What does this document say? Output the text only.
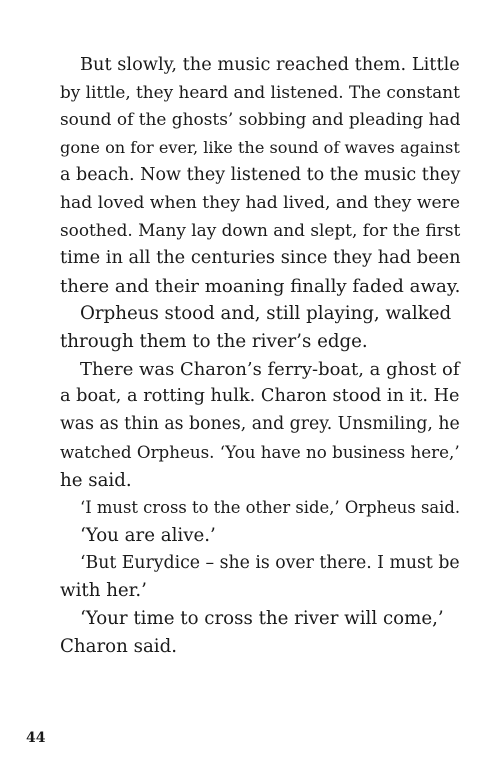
But slowly, the music reached them. Little
by little, they heard and listened. The constant
sound of the ghosts’ sobbing and pleading had
gone on for ever, like the sound of waves against
a beach. Now they listened to the music they
had loved when they had lived, and they were
soothed. Many lay down and slept, for the first
time in all the centuries since they had been
there and their moaning finally faded away.

Orpheus stood and, still playing, walked
through them to the river’s edge.

There was Charon’s ferry-boat, a ghost of
a boat, a rotting hulk. Charon stood in it. He
was as thin as bones, and grey. Unsmiling, he
watched Orpheus. ‘You have no business here,’
he said.

‘I must cross to the other side,’ Orpheus said.

‘You are alive.’

‘But Eurydice – she is over there. I must be
with her.’

‘Your time to cross the river will come,’
Charon said.

44
